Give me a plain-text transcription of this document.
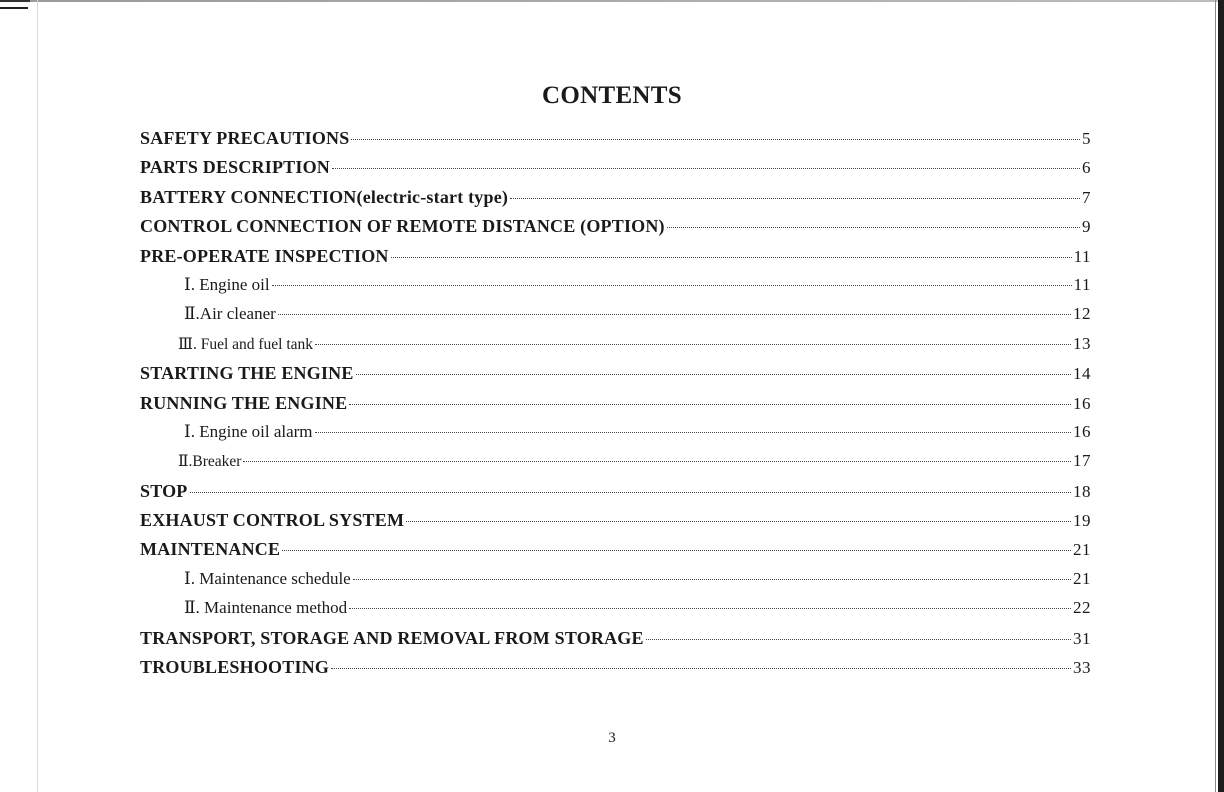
CONTENTS
SAFETY PRECAUTIONS	5
PARTS DESCRIPTION	6
BATTERY CONNECTION(electric-start type)	7
CONTROL CONNECTION OF REMOTE DISTANCE (OPTION)	9
PRE-OPERATE INSPECTION	11
Ⅰ. Engine oil	11
Ⅱ.Air cleaner	12
Ⅲ. Fuel and fuel tank	13
STARTING THE ENGINE	14
RUNNING THE ENGINE	16
Ⅰ. Engine oil alarm	16
Ⅱ.Breaker	17
STOP	18
EXHAUST CONTROL SYSTEM	19
MAINTENANCE	21
Ⅰ. Maintenance schedule	21
Ⅱ. Maintenance method	22
TRANSPORT, STORAGE AND REMOVAL FROM STORAGE	31
TROUBLESHOOTING	33
3
